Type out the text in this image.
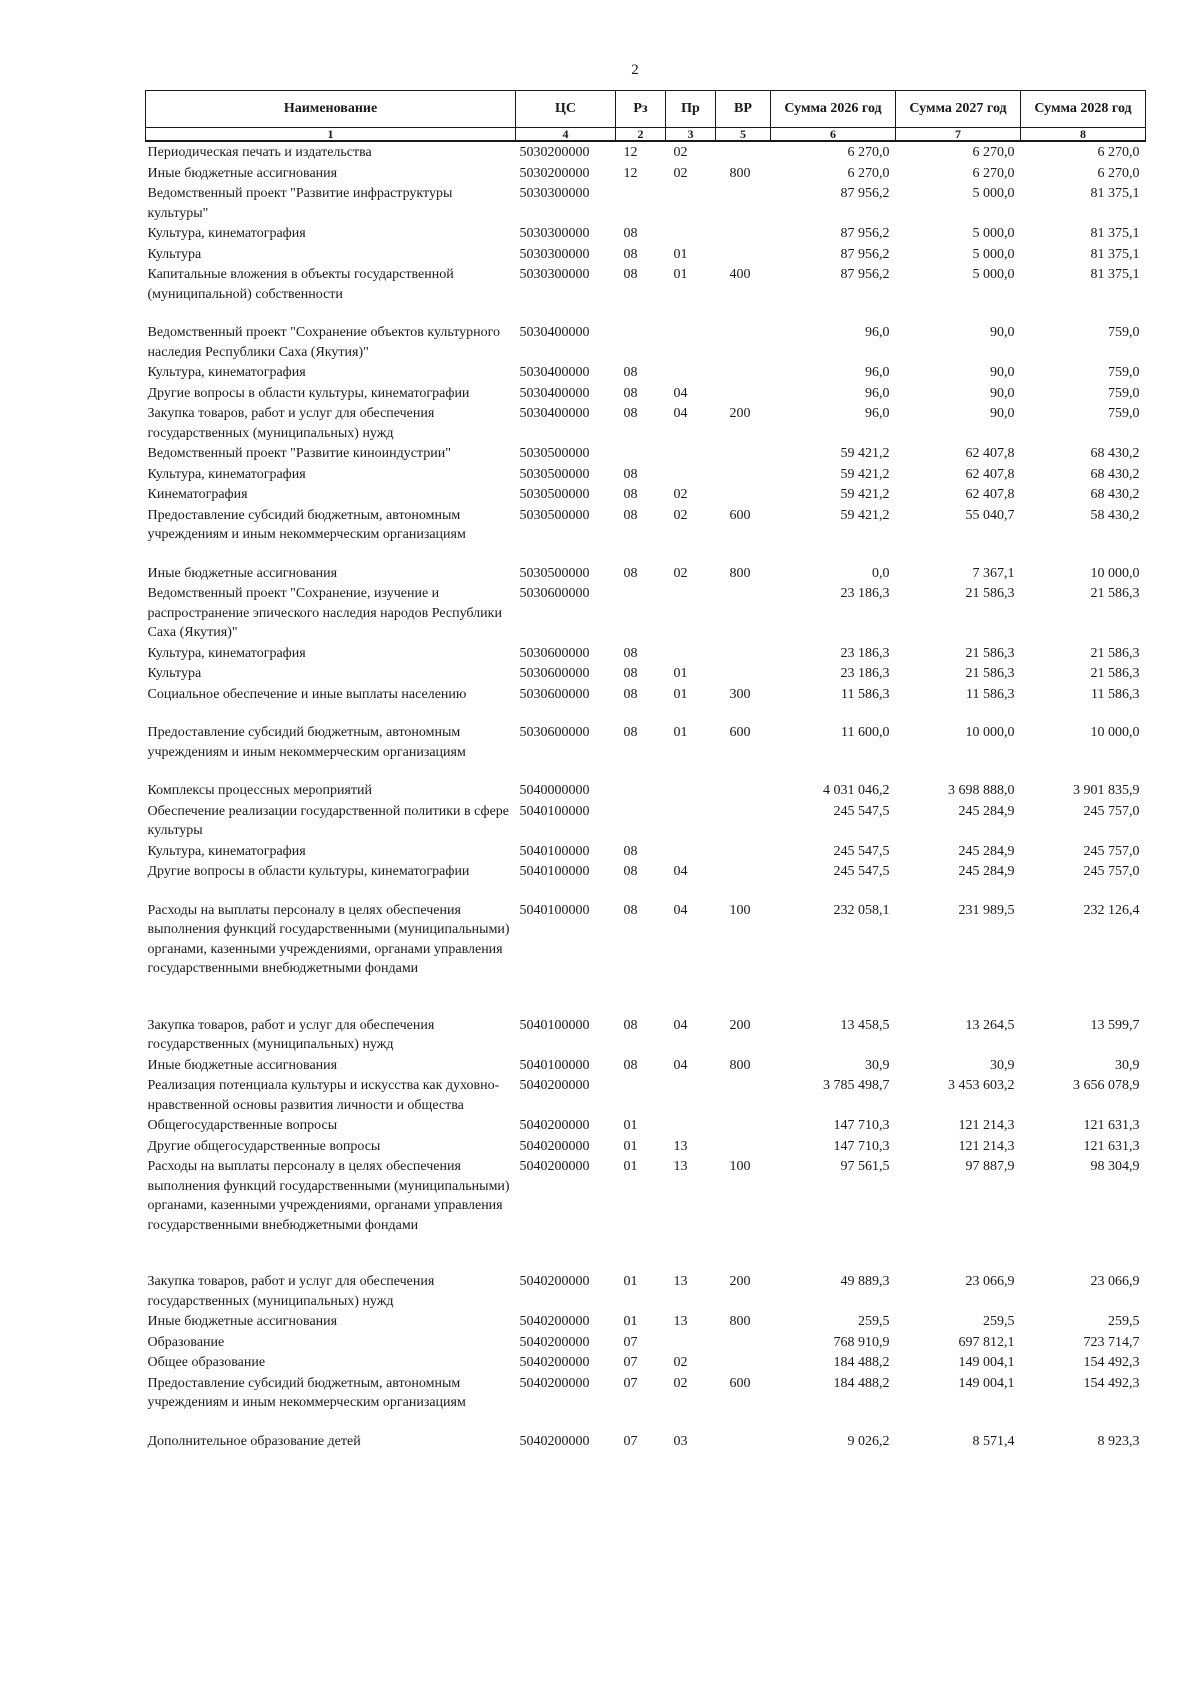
2
Наименование	ЦС	Рз	Пр	ВР	Сумма 2026 год	Сумма 2027 год	Сумма 2028 год
1	4	2	3	5	6	7	8
Периодическая печать и издательства	5030200000	12	02		6 270,0	6 270,0	6 270,0
Иные бюджетные ассигнования	5030200000	12	02	800	6 270,0	6 270,0	6 270,0
Ведомственный проект "Развитие инфраструктуры культуры"	5030300000				87 956,2	5 000,0	81 375,1
Культура, кинематография	5030300000	08			87 956,2	5 000,0	81 375,1
Культура	5030300000	08	01		87 956,2	5 000,0	81 375,1
Капитальные вложения в объекты государственной (муниципальной) собственности	5030300000	08	01	400	87 956,2	5 000,0	81 375,1
Ведомственный проект "Сохранение объектов культурного наследия Республики Саха (Якутия)"	5030400000				96,0	90,0	759,0
Культура, кинематография	5030400000	08			96,0	90,0	759,0
Другие вопросы в области культуры, кинематографии	5030400000	08	04		96,0	90,0	759,0
Закупка товаров, работ и услуг для обеспечения государственных (муниципальных) нужд	5030400000	08	04	200	96,0	90,0	759,0
Ведомственный проект "Развитие киноиндустрии"	5030500000				59 421,2	62 407,8	68 430,2
Культура, кинематография	5030500000	08			59 421,2	62 407,8	68 430,2
Кинематография	5030500000	08	02		59 421,2	62 407,8	68 430,2
Предоставление субсидий бюджетным, автономным учреждениям и иным некоммерческим организациям	5030500000	08	02	600	59 421,2	55 040,7	58 430,2
Иные бюджетные ассигнования	5030500000	08	02	800	0,0	7 367,1	10 000,0
Ведомственный проект "Сохранение, изучение и распространение эпического наследия народов Республики Саха (Якутия)"	5030600000				23 186,3	21 586,3	21 586,3
Культура, кинематография	5030600000	08			23 186,3	21 586,3	21 586,3
Культура	5030600000	08	01		23 186,3	21 586,3	21 586,3
Социальное обеспечение и иные выплаты населению	5030600000	08	01	300	11 586,3	11 586,3	11 586,3
Предоставление субсидий бюджетным, автономным учреждениям и иным некоммерческим организациям	5030600000	08	01	600	11 600,0	10 000,0	10 000,0
Комплексы процессных мероприятий	5040000000				4 031 046,2	3 698 888,0	3 901 835,9
Обеспечение реализации государственной политики в сфере культуры	5040100000				245 547,5	245 284,9	245 757,0
Культура, кинематография	5040100000	08			245 547,5	245 284,9	245 757,0
Другие вопросы в области культуры, кинематографии	5040100000	08	04		245 547,5	245 284,9	245 757,0
Расходы на выплаты персоналу в целях обеспечения выполнения функций государственными (муниципальными) органами, казенными учреждениями, органами управления государственными внебюджетными фондами	5040100000	08	04	100	232 058,1	231 989,5	232 126,4
Закупка товаров, работ и услуг для обеспечения государственных (муниципальных) нужд	5040100000	08	04	200	13 458,5	13 264,5	13 599,7
Иные бюджетные ассигнования	5040100000	08	04	800	30,9	30,9	30,9
Реализация потенциала культуры и искусства как духовно-нравственной основы развития личности и общества	5040200000				3 785 498,7	3 453 603,2	3 656 078,9
Общегосударственные вопросы	5040200000	01			147 710,3	121 214,3	121 631,3
Другие общегосударственные вопросы	5040200000	01	13		147 710,3	121 214,3	121 631,3
Расходы на выплаты персоналу в целях обеспечения выполнения функций государственными (муниципальными) органами, казенными учреждениями, органами управления государственными внебюджетными фондами	5040200000	01	13	100	97 561,5	97 887,9	98 304,9
Закупка товаров, работ и услуг для обеспечения государственных (муниципальных) нужд	5040200000	01	13	200	49 889,3	23 066,9	23 066,9
Иные бюджетные ассигнования	5040200000	01	13	800	259,5	259,5	259,5
Образование	5040200000	07			768 910,9	697 812,1	723 714,7
Общее образование	5040200000	07	02		184 488,2	149 004,1	154 492,3
Предоставление субсидий бюджетным, автономным учреждениям и иным некоммерческим организациям	5040200000	07	02	600	184 488,2	149 004,1	154 492,3
Дополнительное образование детей	5040200000	07	03		9 026,2	8 571,4	8 923,3
